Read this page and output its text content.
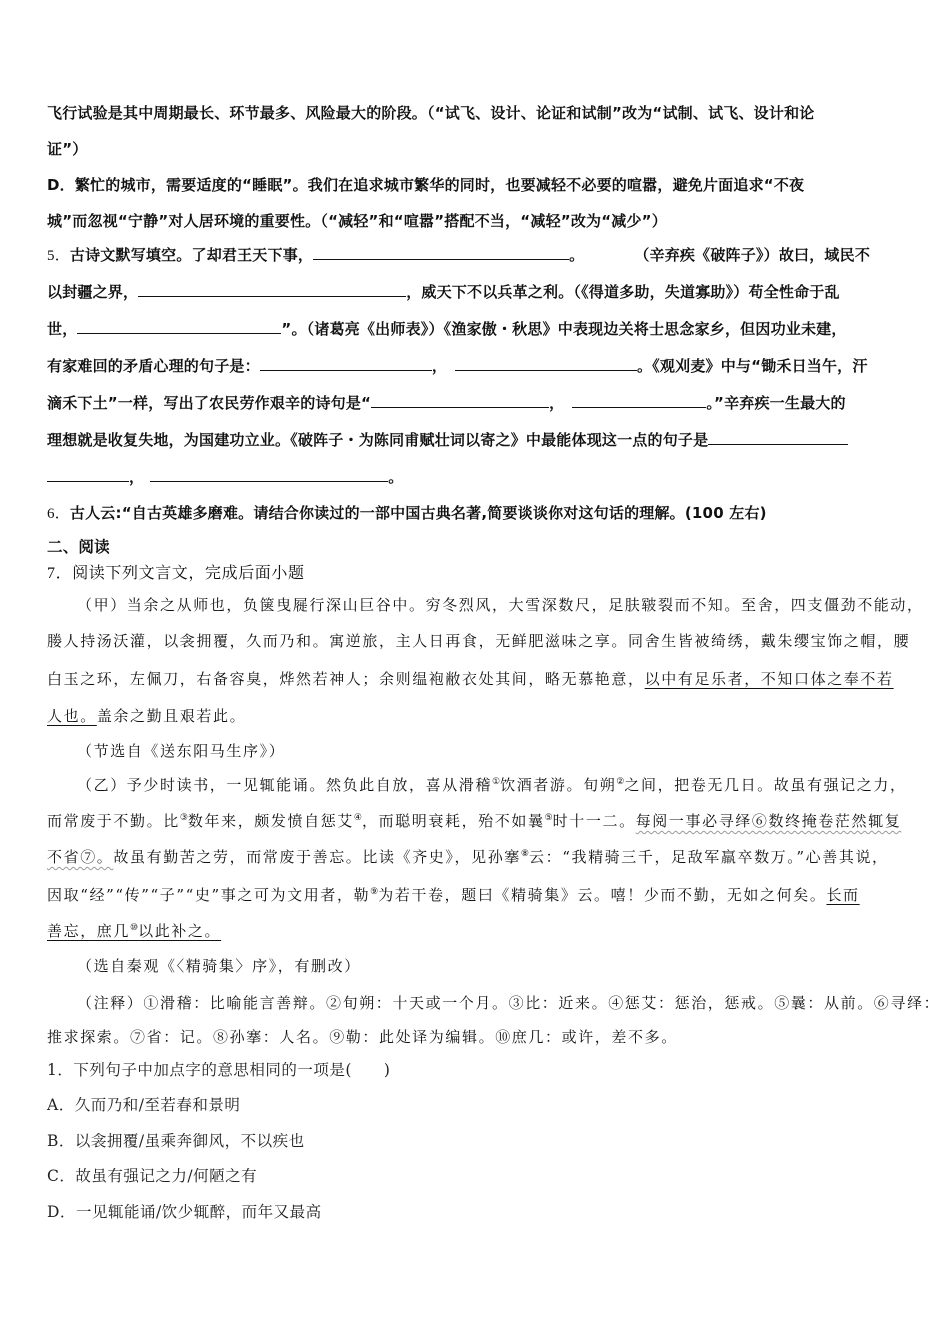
飞行试验是其中周期最长、环节最多、风险最大的阶段。（“试飞、设计、论证和试制”改为“试制、试飞、设计和论
证”）
D．繁忙的城市，需要适度的“睡眠”。我们在追求城市繁华的同时，也要减轻不必要的喧嚣，避免片面追求“不夜
城”而忽视“宁静”对人居环境的重要性。（“减轻”和“喧嚣”搭配不当，“减轻”改为“减少”）
5．古诗文默写填空。了却君王天下事，	。	（辛弃疾《破阵子》）故曰，域民不
以封疆之界，	，威天下不以兵革之利。（《得道多助，失道寡助》）苟全性命于乱
世，	”。（诸葛亮《出师表》）《渔家傲・秋思》中表现边关将士思念家乡，但因功业未建，
有家难回的矛盾心理的句子是：	，	。《观刈麦》中与“锄禾日当午，汗
滴禾下土”一样，写出了农民劳作艰辛的诗句是“	，	。”辛弃疾一生最大的
理想就是收复失地，为国建功立业。《破阵子・为陈同甫赋壮词以寄之》中最能体现这一点的句子是
，	。
6．古人云:“自古英雄多磨难。请结合你读过的一部中国古典名著,简要谈谈你对这句话的理解。(100 左右)
二、阅读
7．阅读下列文言文，完成后面小题
（甲）当余之从师也，负箧曳屣行深山巨谷中。穷冬烈风，大雪深数尺，足肤皲裂而不知。至舍，四支僵劲不能动，
媵人持汤沃灌，以衾拥覆，久而乃和。寓逆旅，主人日再食，无鲜肥滋味之享。同舍生皆被绮绣，戴朱缨宝饰之帽，腰
白玉之环，左佩刀，右备容臭，烨然若神人；余则缊袍敝衣处其间，略无慕艳意，以中有足乐者，不知口体之奉不若
人也。盖余之勤且艰若此。
（节选自《送东阳马生序》）
（乙）予少时读书，一见辄能诵。然负此自放，喜从滑稽①饮酒者游。旬朔②之间，把卷无几日。故虽有强记之力，
而常废于不勤。比③数年来，颇发愤自惩艾④，而聪明衰耗，殆不如曩⑤时十一二。每阅一事必寻绎⑥数终掩卷茫然辄复
不省⑦。故虽有勤苦之劳，而常废于善忘。比读《齐史》，见孙搴⑧云：“我精骑三千，足敌军羸卒数万。”心善其说，
因取“经”“传”“子”“史”事之可为文用者，勒⑨为若干卷，题曰《精骑集》云。嘻！少而不勤，无如之何矣。长而
善忘，庶几⑩以此补之。
（选自秦观《〈精骑集〉序》，有删改）
（注释）①滑稽：比喻能言善辩。②旬朔：十天或一个月。③比：近来。④惩艾：惩治，惩戒。⑤曩：从前。⑥寻绎：
推求探索。⑦省：记。⑧孙搴：人名。⑨勒：此处译为编辑。⑩庶几：或许，差不多。
1．下列句子中加点字的意思相同的一项是(　　)
A．久而乃和/至若春和景明
B．以衾拥覆/虽乘奔御风，不以疾也
C．故虽有强记之力/何陋之有
D．一见辄能诵/饮少辄醉，而年又最高
